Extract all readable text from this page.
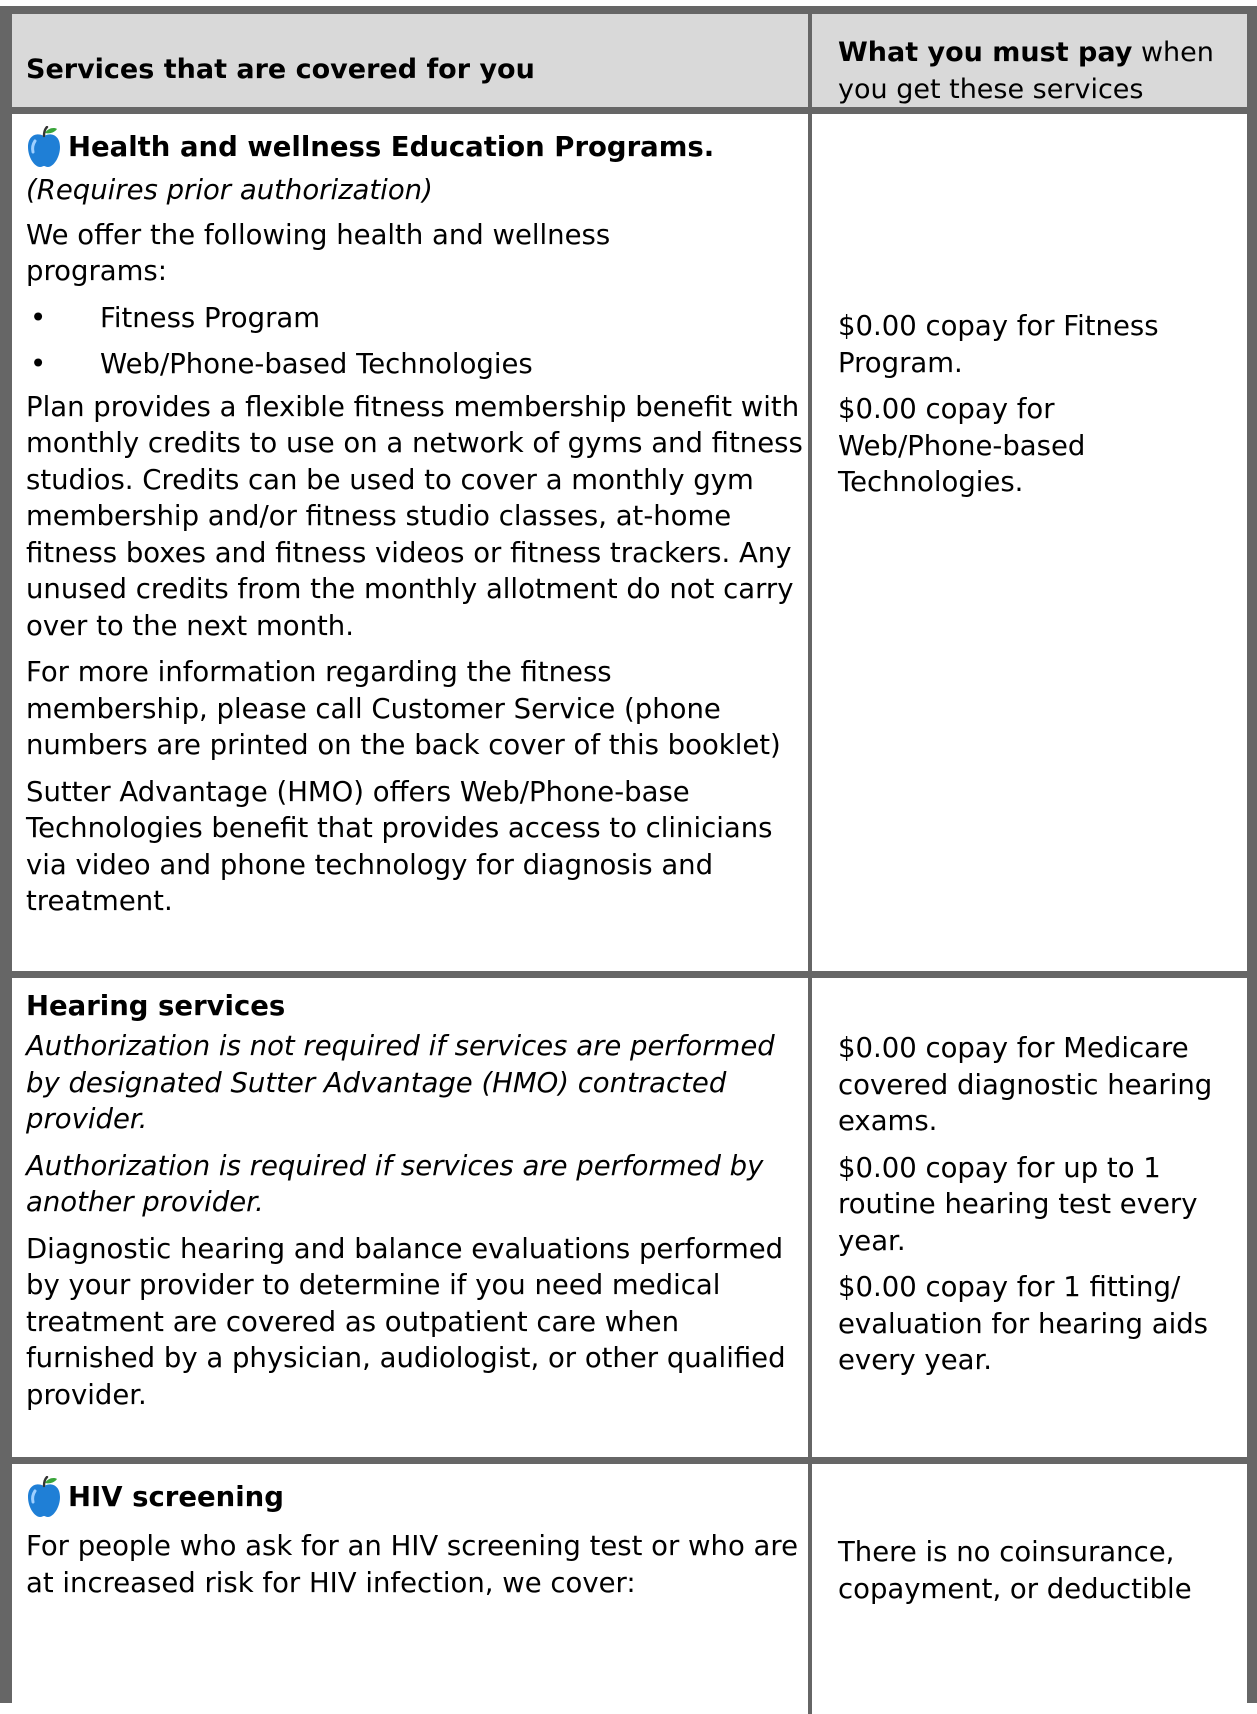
Services that are covered for you
What you must pay when
you get these services
Health and wellness Education Programs.

(Requires prior authorization)

We offer the following health and wellness programs:

•	Fitness Program
•	Web/Phone-based Technologies

Plan provides a flexible fitness membership benefit with monthly credits to use on a network of gyms and fitness studios. Credits can be used to cover a monthly gym membership and/or fitness studio classes, at-home fitness boxes and fitness videos or fitness trackers. Any unused credits from the monthly allotment do not carry over to the next month.

For more information regarding the fitness membership, please call Customer Service (phone numbers are printed on the back cover of this booklet)

Sutter Advantage (HMO) offers Web/Phone-base Technologies benefit that provides access to clinicians via video and phone technology for diagnosis and treatment.

$0.00 copay for Fitness Program.

$0.00 copay for Web/Phone-based Technologies.

Hearing services

Authorization is not required if services are performed by designated Sutter Advantage (HMO) contracted provider.

Authorization is required if services are performed by another provider.

Diagnostic hearing and balance evaluations performed by your provider to determine if you need medical treatment are covered as outpatient care when furnished by a physician, audiologist, or other qualified provider.

$0.00 copay for Medicare covered diagnostic hearing exams.

$0.00 copay for up to 1 routine hearing test every year.

$0.00 copay for 1 fitting/ evaluation for hearing aids every year.

HIV screening

For people who ask for an HIV screening test or who are at increased risk for HIV infection, we cover:

There is no coinsurance, copayment, or deductible
